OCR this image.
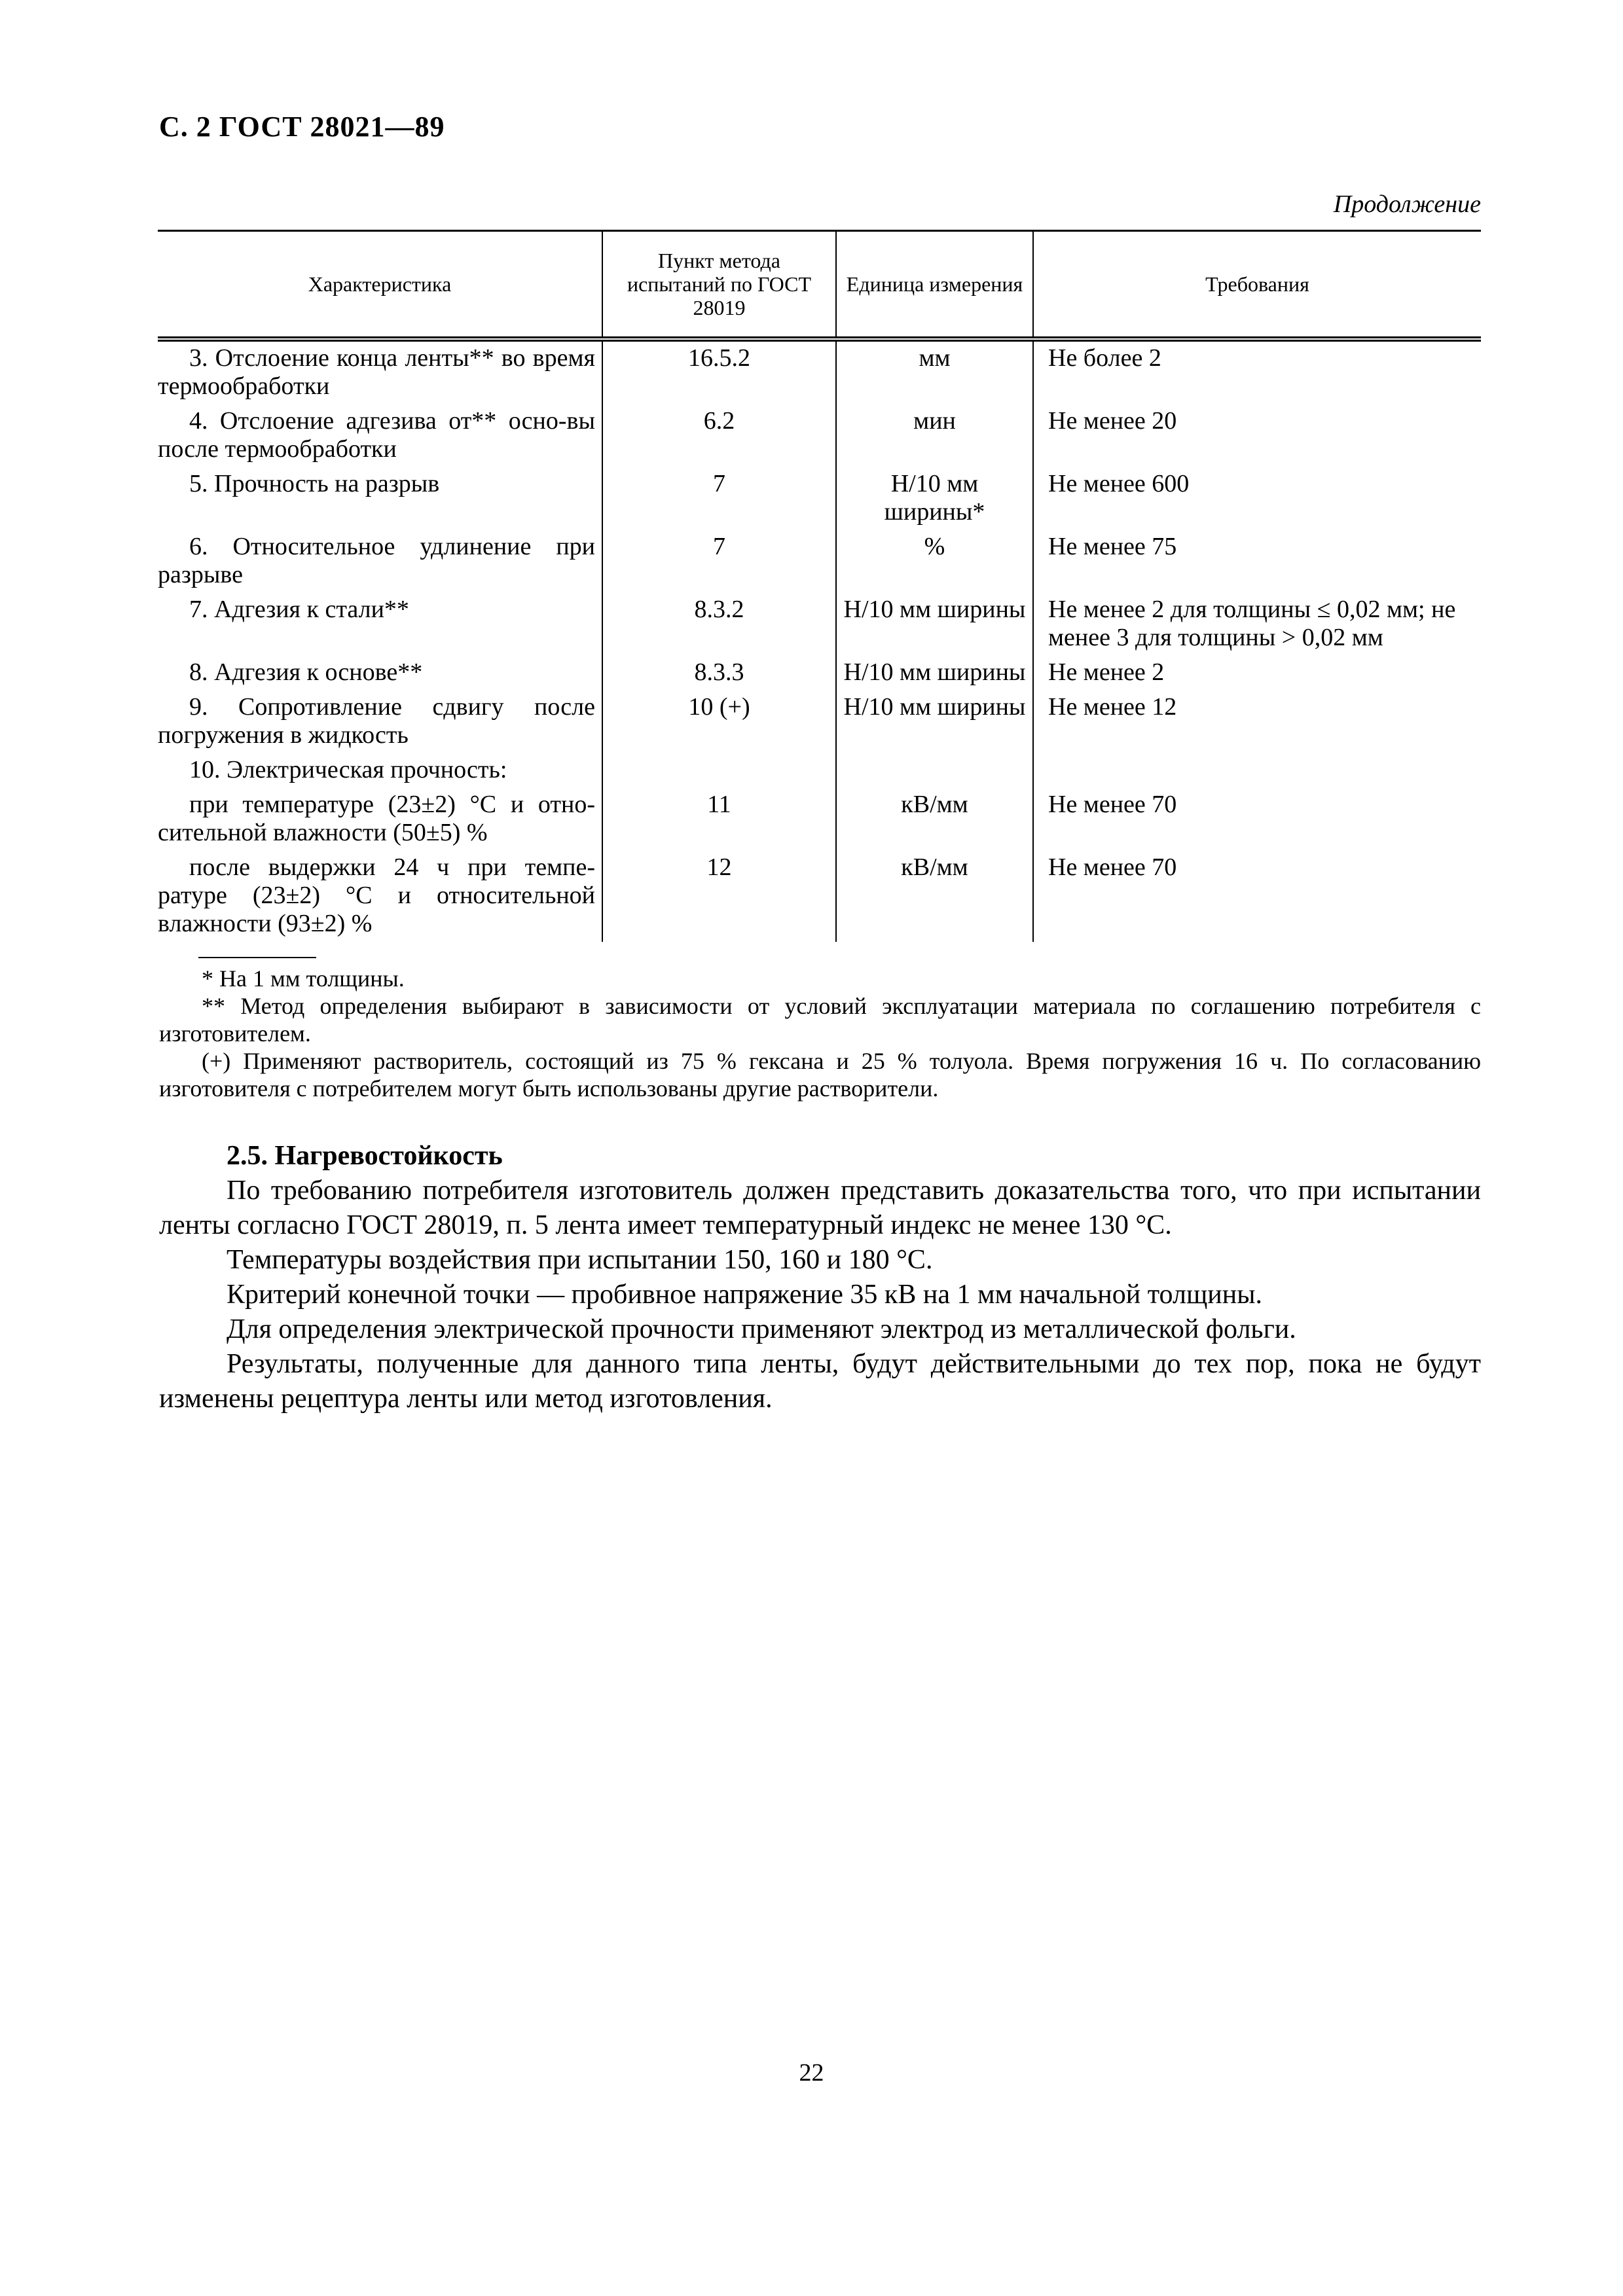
С. 2 ГОСТ 28021—89
Продолжение
Характеристика	Пункт метода испытаний по ГОСТ 28019	Единица измерения	Требования
3. Отслоение конца ленты** во время термообработки	16.5.2	мм	Не более 2
4. Отслоение адгезива от** осно-вы после термообработки	6.2	мин	Не менее 20
5. Прочность на разрыв	7	Н/10 мм ширины*	Не менее 600
6. Относительное удлинение при разрыве	7	%	Не менее 75
7. Адгезия к стали**	8.3.2	Н/10 мм ширины	Не менее 2 для толщины ≤ 0,02 мм; не менее 3 для толщины > 0,02 мм
8. Адгезия к основе**	8.3.3	Н/10 мм ширины	Не менее 2
9. Сопротивление сдвигу после погружения в жидкость	10 (+)	Н/10 мм ширины	Не менее 12
10. Электрическая прочность:			
при температуре (23±2) °С и отно-сительной влажности (50±5) %	11	кВ/мм	Не менее 70
после выдержки 24 ч при темпе-ратуре (23±2) °С и относительной влажности (93±2) %	12	кВ/мм	Не менее 70

* На 1 мм толщины.

** Метод определения выбирают в зависимости от условий эксплуатации материала по соглашению потребителя с изготовителем.

(+) Применяют растворитель, состоящий из 75 % гексана и 25 % толуола. Время погружения 16 ч. По согласованию изготовителя с потребителем могут быть использованы другие растворители.

2.5. Нагревостойкость

По требованию потребителя изготовитель должен представить доказательства того, что при испытании ленты согласно ГОСТ 28019, п. 5 лента имеет температурный индекс не менее 130 °С.

Температуры воздействия при испытании 150, 160 и 180 °С.

Критерий конечной точки — пробивное напряжение 35 кВ на 1 мм начальной толщины.

Для определения электрической прочности применяют электрод из металлической фольги.

Результаты, полученные для данного типа ленты, будут действительными до тех пор, пока не будут изменены рецептура ленты или метод изготовления.

22
